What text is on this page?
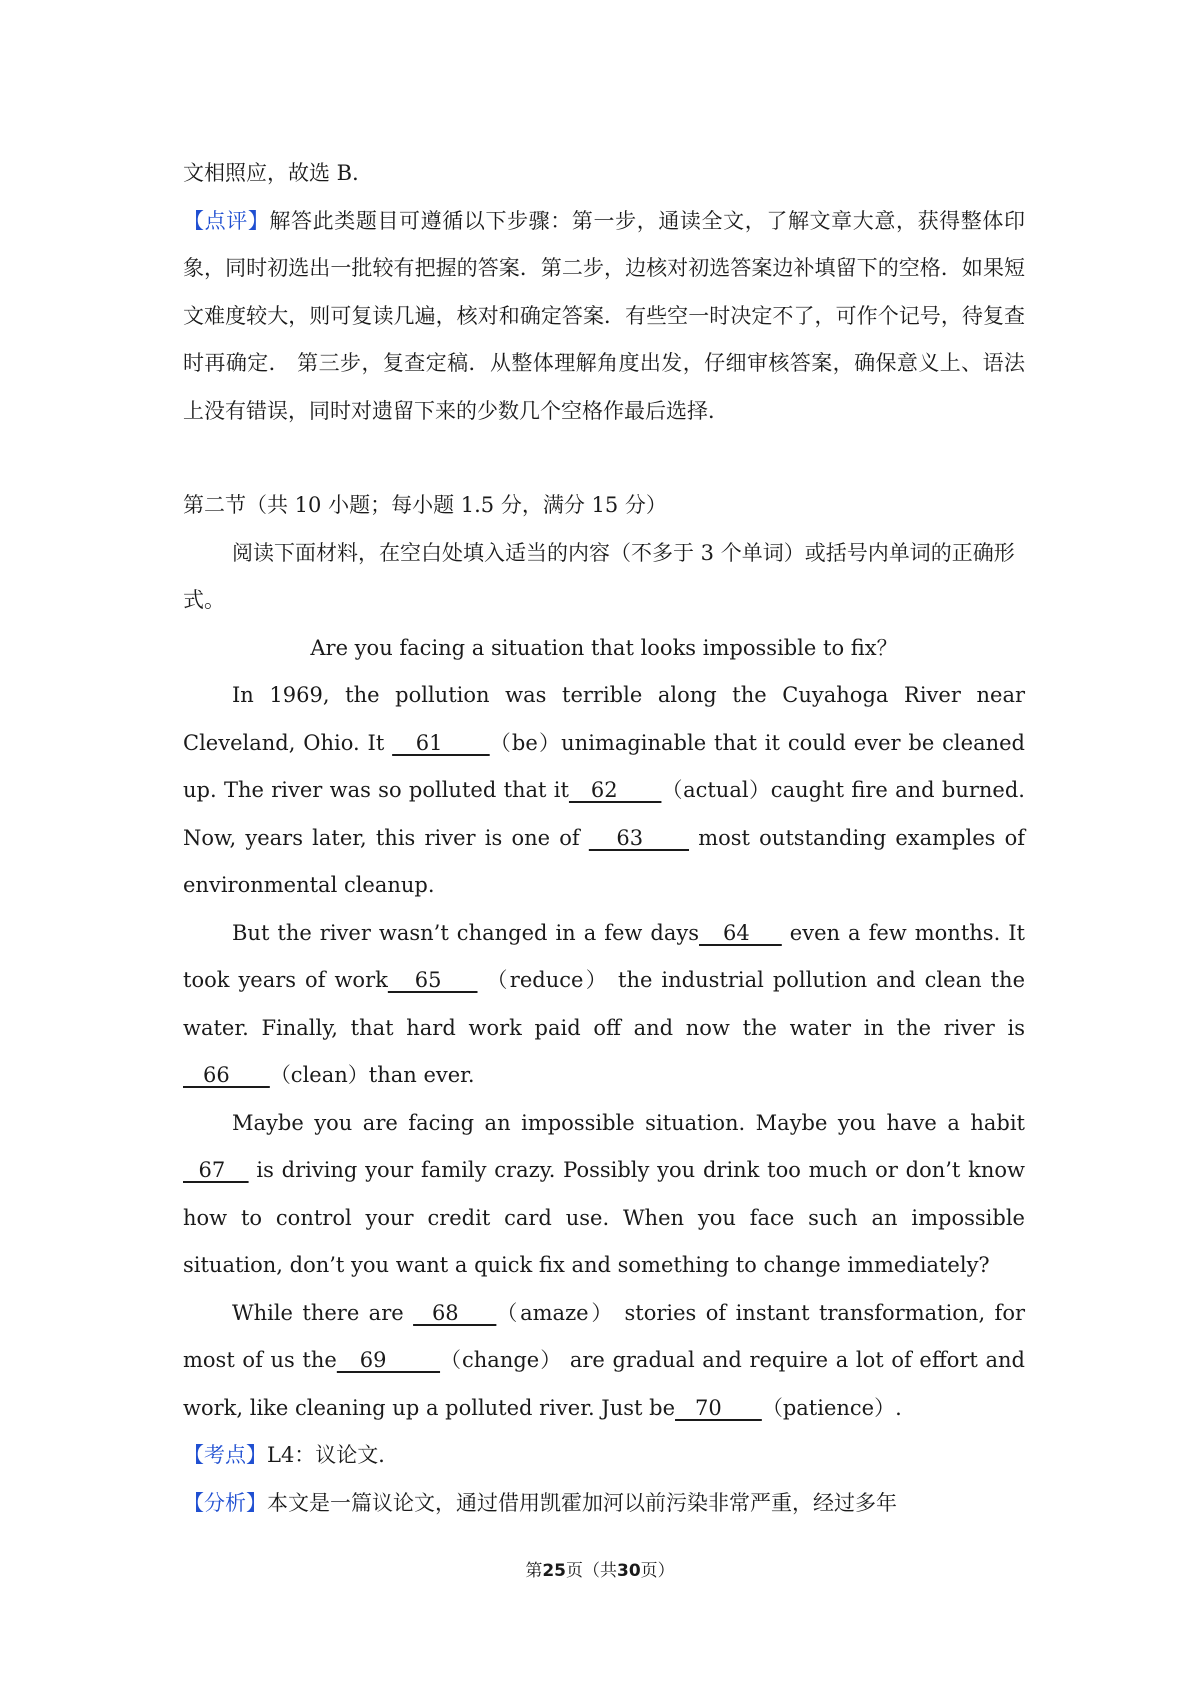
文相照应，故选 B．

【点评】解答此类题目可遵循以下步骤：第一步，通读全文，了解文章大意，获得整体印象，同时初选出一批较有把握的答案．第二步，边核对初选答案边补填留下的空格．如果短文难度较大，则可复读几遍，核对和确定答案．有些空一时决定不了，可作个记号，待复查时再确定． 第三步，复查定稿．从整体理解角度出发，仔细审核答案，确保意义上、语法上没有错误，同时对遗留下来的少数几个空格作最后选择．

第二节（共 10 小题；每小题 1.5 分，满分 15 分）

阅读下面材料，在空白处填入适当的内容（不多于 3 个单词）或括号内单词的正确形式。

Are you facing a situation that looks impossible to fix？

In 1969, the pollution was terrible along the Cuyahoga River near Cleveland, Ohio. It    61      （be）unimaginable that it could ever be cleaned up. The river was so polluted that it   62      （actual）caught fire and burned. Now, years later, this river is one of    63      most outstanding examples of environmental cleanup.

But the river wasn’t changed in a few days   64     even a few months. It took years of work   65     （reduce） the industrial pollution and clean the water. Finally, that hard work paid off and now the water in the river is   66      （clean）than ever.

Maybe you are facing an impossible situation. Maybe you have a habit   67    is driving your family crazy. Possibly you drink too much or don’t know how to control your credit card use. When you face such an impossible situation, don’t you want a quick fix and something to change immediately?

While there are   68    （amaze） stories of instant transformation, for most of us the   69       （change） are gradual and require a lot of effort and work, like cleaning up a polluted river. Just be   70      （patience）.

【考点】L4：议论文．

【分析】本文是一篇议论文，通过借用凯霍加河以前污染非常严重，经过多年

第25页（共30页）
